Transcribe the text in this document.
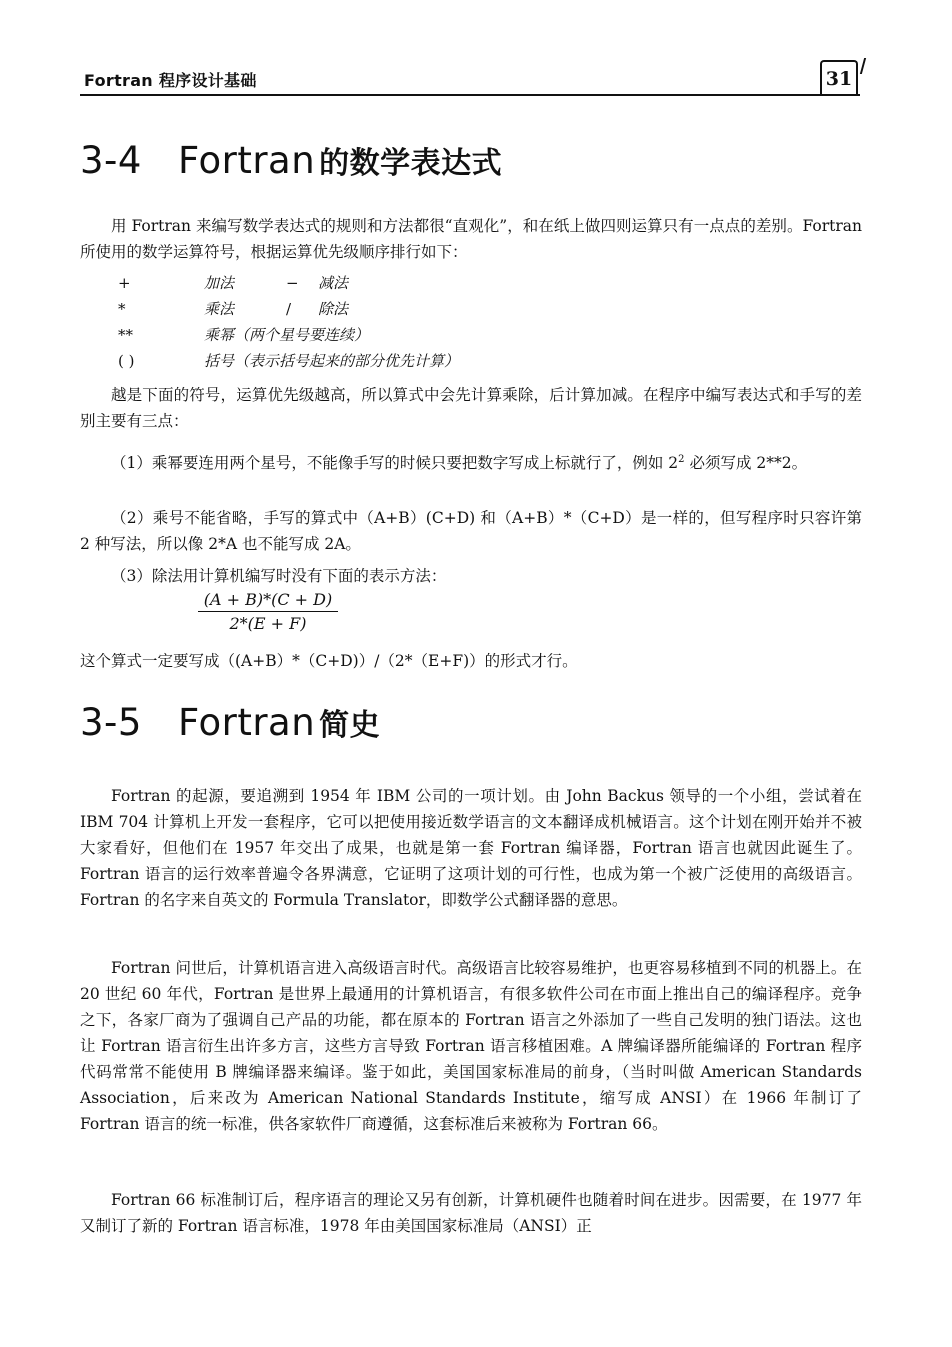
Fortran 程序设计基础	31
3-4 Fortran 的数学表达式
用 Fortran 来编写数学表达式的规则和方法都很“直观化”，和在纸上做四则运算只有一点点的差别。Fortran 所使用的数学运算符号，根据运算优先级顺序排行如下：
+	加法	− 减法
*	乘法	/ 除法
**	乘幂（两个星号要连续）
( )	括号（表示括号起来的部分优先计算）
越是下面的符号，运算优先级越高，所以算式中会先计算乘除，后计算加减。在程序中编写表达式和手写的差别主要有三点：
（1）乘幂要连用两个星号，不能像手写的时候只要把数字写成上标就行了，例如 $2^2$ 必须写成 2**2。
（2）乘号不能省略，手写的算式中（A+B）(C+D) 和（A+B）*（C+D）是一样的，但写程序时只容许第 2 种写法，所以像 2*A 也不能写成 2A。
（3）除法用计算机编写时没有下面的表示方法：
$\frac{(A + B)*(C + D)}{2*(E + F)}$
这个算式一定要写成（(A+B）*（C+D)）/（2*（E+F)）的形式才行。
3-5 Fortran 简史
Fortran 的起源，要追溯到 1954 年 IBM 公司的一项计划。由 John Backus 领导的一个小组，尝试着在 IBM 704 计算机上开发一套程序，它可以把使用接近数学语言的文本翻译成机械语言。这个计划在刚开始并不被大家看好，但他们在 1957 年交出了成果，也就是第一套 Fortran 编译器，Fortran 语言也就因此诞生了。Fortran 语言的运行效率普遍令各界满意，它证明了这项计划的可行性，也成为第一个被广泛使用的高级语言。Fortran 的名字来自英文的 Formula Translator，即数学公式翻译器的意思。
Fortran 问世后，计算机语言进入高级语言时代。高级语言比较容易维护，也更容易移植到不同的机器上。在 20 世纪 60 年代，Fortran 是世界上最通用的计算机语言，有很多软件公司在市面上推出自己的编译程序。竞争之下，各家厂商为了强调自己产品的功能，都在原本的 Fortran 语言之外添加了一些自己发明的独门语法。这也让 Fortran 语言衍生出许多方言，这些方言导致 Fortran 语言移植困难。A 牌编译器所能编译的 Fortran 程序代码常常不能使用 B 牌编译器来编译。鉴于如此，美国国家标准局的前身，（当时叫做 American Standards Association，后来改为 American National Standards Institute，缩写成 ANSI）在 1966 年制订了 Fortran 语言的统一标准，供各家软件厂商遵循，这套标准后来被称为 Fortran 66。
Fortran 66 标准制订后，程序语言的理论又另有创新，计算机硬件也随着时间在进步。因需要，在 1977 年又制订了新的 Fortran 语言标准，1978 年由美国国家标准局（ANSI）正
